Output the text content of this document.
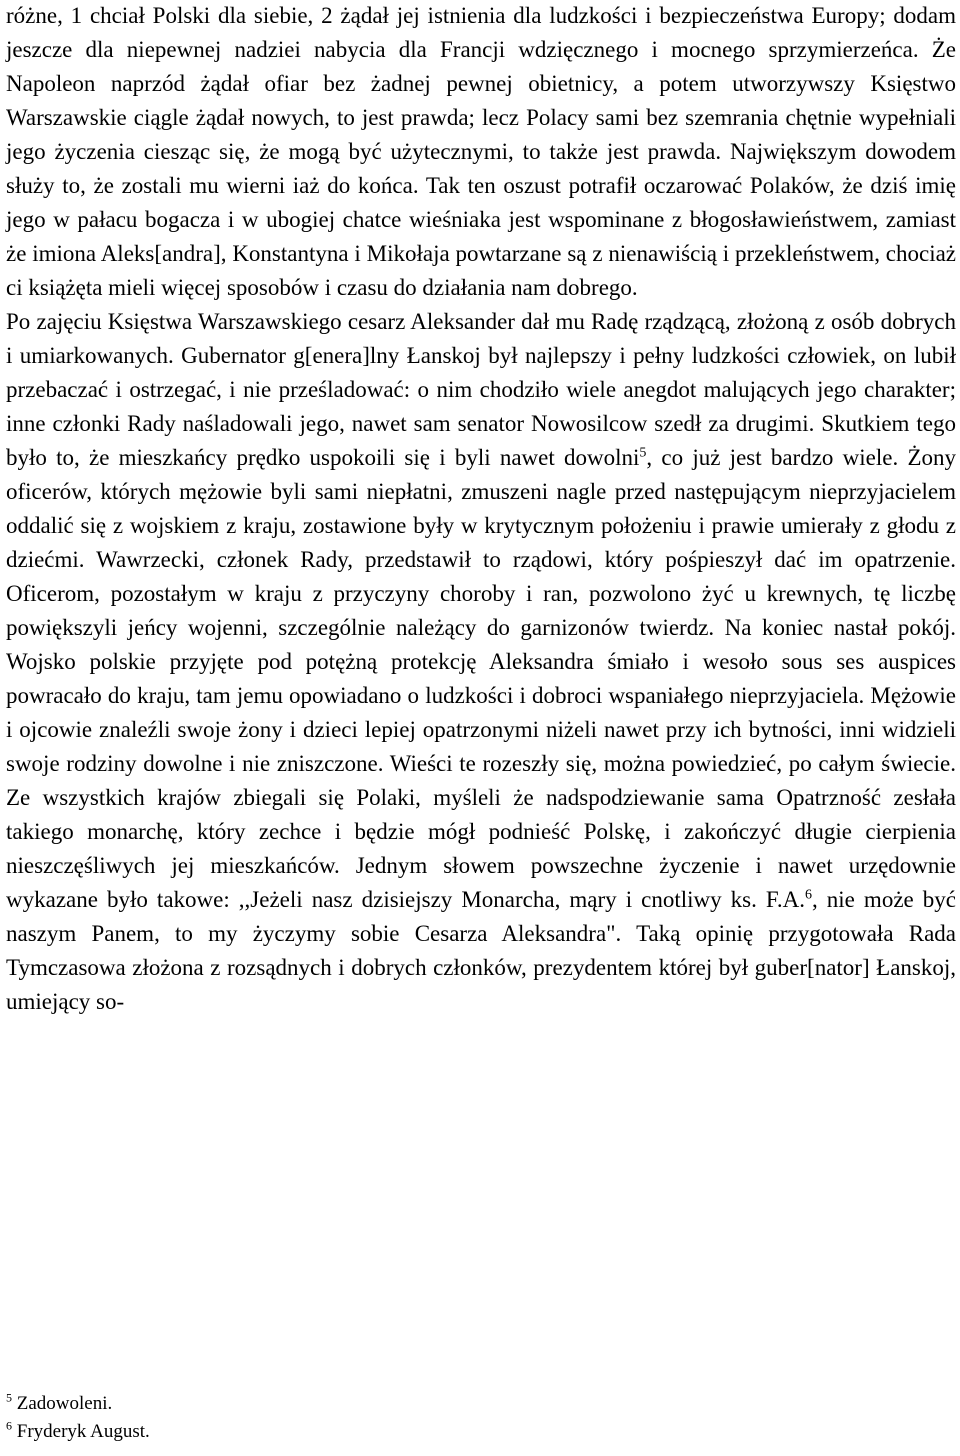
różne, 1 chciał Polski dla siebie, 2 żądał jej istnienia dla ludzkości i bezpieczeństwa Europy; dodam jeszcze dla niepewnej nadziei nabycia dla Francji wdzięcznego i mocnego sprzymierzeńca. Że Napoleon naprzód żądał ofiar bez żadnej pewnej obietnicy, a potem utworzywszy Księstwo Warszawskie ciągle żądał nowych, to jest prawda; lecz Polacy sami bez szemrania chętnie wypełniali jego życzenia ciesząc się, że mogą być użytecznymi, to także jest prawda. Największym dowodem służy to, że zostali mu wierni iaż do końca. Tak ten oszust potrafił oczarować Polaków, że dziś imię jego w pałacu bogacza i w ubogiej chatce wieśniaka jest wspominane z błogosławieństwem, zamiast że imiona Aleks[andra], Konstantyna i Mikołaja powtarzane są z nienawiścią i przekleństwem, chociaż ci książęta mieli więcej sposobów i czasu do działania nam dobrego.

Po zajęciu Księstwa Warszawskiego cesarz Aleksander dał mu Radę rządzącą, złożoną z osób dobrych i umiarkowanych. Gubernator g[enera]lny Łanskoj był najlepszy i pełny ludzkości człowiek, on lubił przebaczać i ostrzegać, i nie prześladować: o nim chodziło wiele anegdot malujących jego charakter; inne członki Rady naśladowali jego, nawet sam senator Nowosilcow szedł za drugimi. Skutkiem tego było to, że mieszkańcy prędko uspokoili się i byli nawet dowolni$^5$, co już jest bardzo wiele. Żony oficerów, których mężowie byli sami niepłatni, zmuszeni nagle przed następującym nieprzyjacielem oddalić się z wojskiem z kraju, zostawione były w krytycznym położeniu i prawie umierały z głodu z dziećmi. Wawrzecki, członek Rady, przedstawił to rządowi, który pośpieszył dać im opatrzenie. Oficerom, pozostałym w kraju z przyczyny choroby i ran, pozwolono żyć u krewnych, tę liczbę powiększyli jeńcy wojenni, szczególnie należący do garnizonów twierdz. Na koniec nastał pokój. Wojsko polskie przyjęte pod potężną protekcję Aleksandra śmiało i wesoło sous ses auspices powracało do kraju, tam jemu opowiadano o ludzkości i dobroci wspaniałego nieprzyjaciela. Mężowie i ojcowie znaleźli swoje żony i dzieci lepiej opatrzonymi niżeli nawet przy ich bytności, inni widzieli swoje rodziny dowolne i nie zniszczone. Wieści te rozeszły się, można powiedzieć, po całym świecie. Ze wszystkich krajów zbiegali się Polaki, myśleli że nadspodziewanie sama Opatrzność zesłała takiego monarchę, który zechce i będzie mógł podnieść Polskę, i zakończyć długie cierpienia nieszczęśliwych jej mieszkańców. Jednym słowem powszechne życzenie i nawet urzędownie wykazane było takowe: ,,Jeżeli nasz dzisiejszy Monarcha, mąry i cnotliwy ks. F.A.$^6$, nie może być naszym Panem, to my życzymy sobie Cesarza Aleksandra". Taką opinię przygotowała Rada Tymczasowa złożona z rozsądnych i dobrych członków, prezydentem której był guber[nator] Łanskoj, umiejący so-

$^5$ Zadowoleni.

$^6$ Fryderyk August.
